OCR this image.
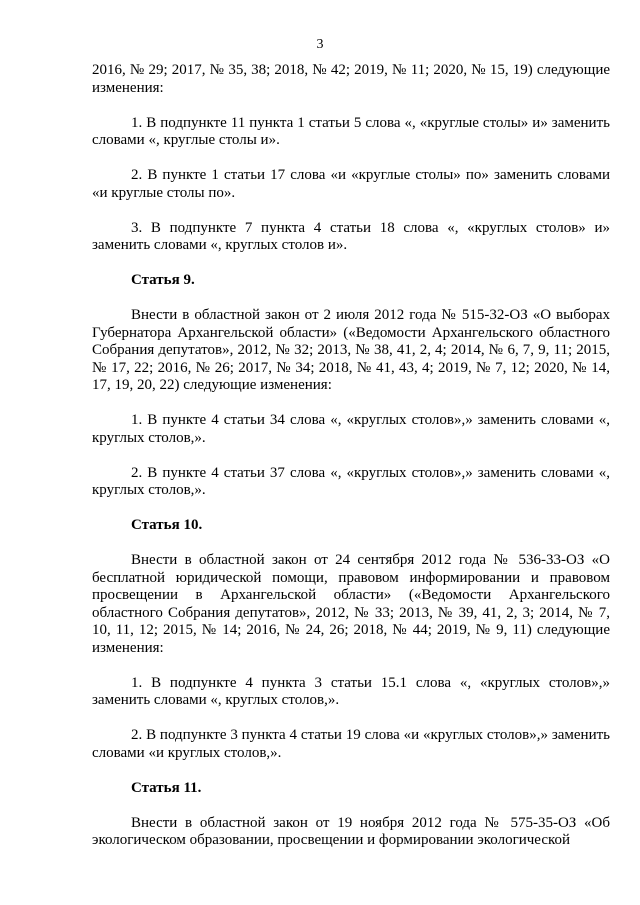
3

2016, № 29; 2017, № 35, 38; 2018, № 42; 2019, № 11; 2020, № 15, 19) следующие изменения:

1. В подпункте 11 пункта 1 статьи 5 слова «, «круглые столы» и» заменить словами «, круглые столы и».

2. В пункте 1 статьи 17 слова «и «круглые столы» по» заменить словами «и круглые столы по».

3. В подпункте 7 пункта 4 статьи 18 слова «, «круглых столов» и» заменить словами «, круглых столов и».

Статья 9.

Внести в областной закон от 2 июля 2012 года № 515-32-ОЗ «О выборах Губернатора Архангельской области» («Ведомости Архангельского областного Собрания депутатов», 2012, № 32; 2013, № 38, 41, 2, 4; 2014, № 6, 7, 9, 11; 2015, № 17, 22; 2016, № 26; 2017, № 34; 2018, № 41, 43, 4; 2019, № 7, 12; 2020, № 14, 17, 19, 20, 22) следующие изменения:

1. В пункте 4 статьи 34 слова «, «круглых столов»,» заменить словами «, круглых столов,».

2. В пункте 4 статьи 37 слова «, «круглых столов»,» заменить словами «, круглых столов,».

Статья 10.

Внести в областной закон от 24 сентября 2012 года № 536-33-ОЗ «О бесплатной юридической помощи, правовом информировании и правовом просвещении в Архангельской области» («Ведомости Архангельского областного Собрания депутатов», 2012, № 33; 2013, № 39, 41, 2, 3; 2014, № 7, 10, 11, 12; 2015, № 14; 2016, № 24, 26; 2018, № 44; 2019, № 9, 11) следующие изменения:

1. В подпункте 4 пункта 3 статьи 15.1 слова «, «круглых столов»,» заменить словами «, круглых столов,».

2. В подпункте 3 пункта 4 статьи 19 слова «и «круглых столов»,» заменить словами «и круглых столов,».

Статья 11.

Внести в областной закон от 19 ноября 2012 года № 575-35-ОЗ «Об экологическом образовании, просвещении и формировании экологической
